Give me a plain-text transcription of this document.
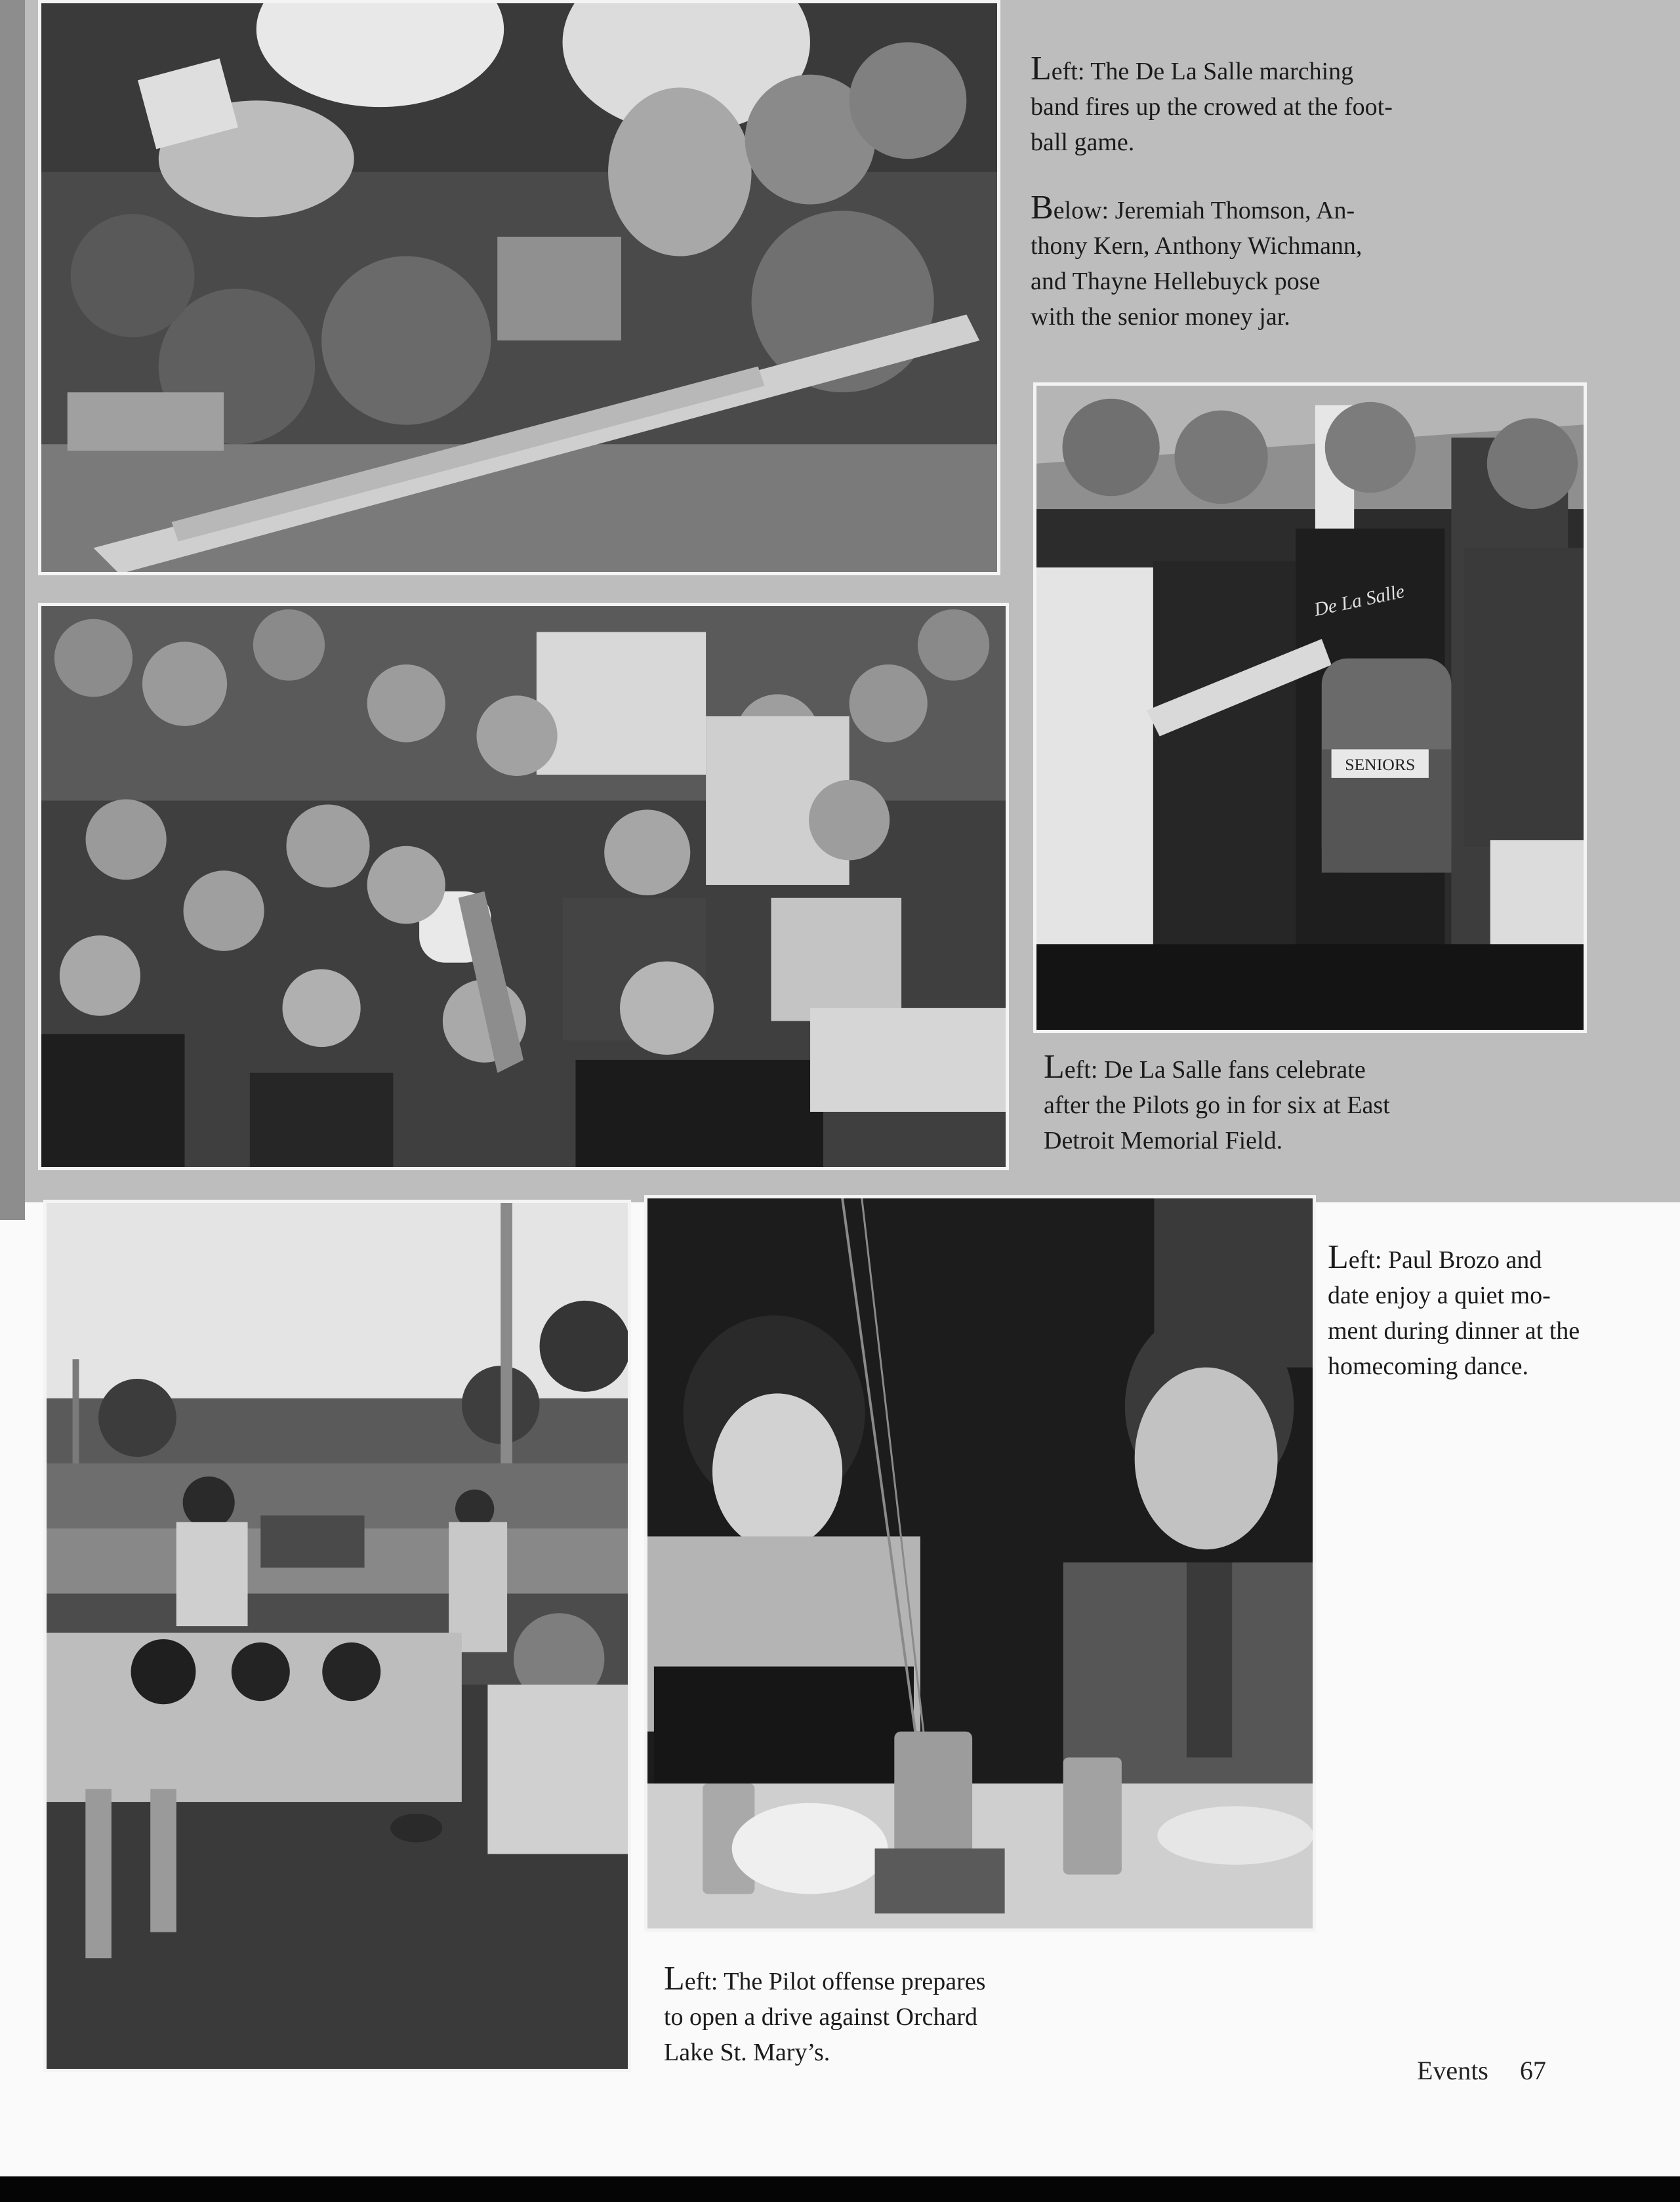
Left: The De La Salle marching
band fires up the crowed at the foot-
ball game.
Below: Jeremiah Thomson, An-
thony Kern, Anthony Wichmann,
and Thayne Hellebuyck pose
with the senior money jar.
SENIORS
De La Salle
Left: De La Salle fans celebrate
after the Pilots go in for six at East
Detroit Memorial Field.
Left: Paul Brozo and
date enjoy a quiet mo-
ment during dinner at the
homecoming dance.
Left: The Pilot offense prepares
to open a drive against Orchard
Lake St. Mary’s.
Events 67
